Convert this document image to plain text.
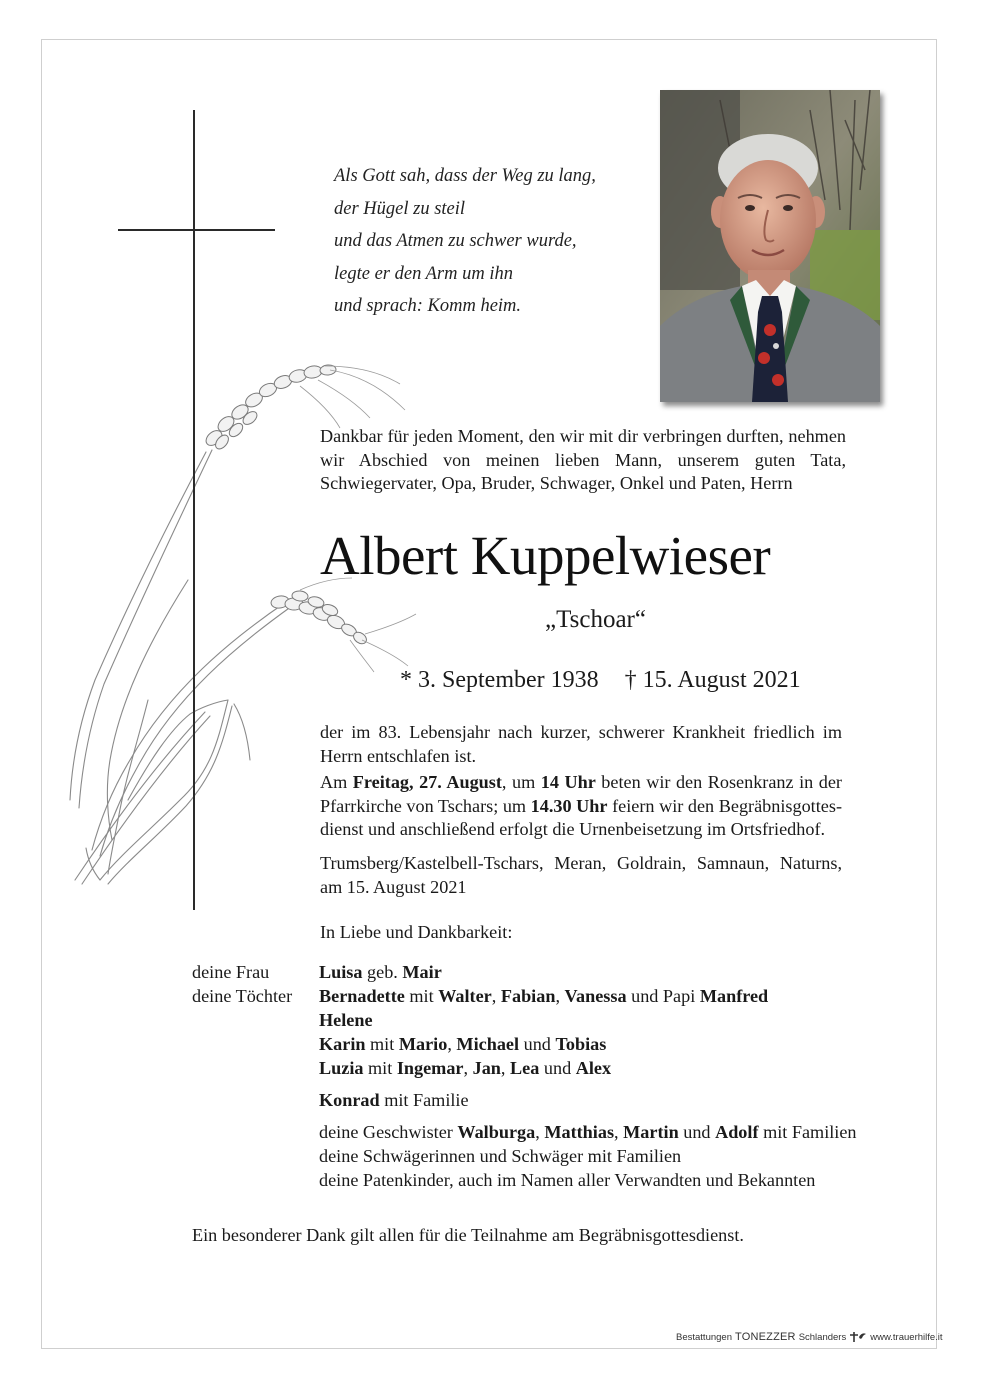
Als Gott sah, dass der Weg zu lang,
der Hügel zu steil
und das Atmen zu schwer wurde,
legte er den Arm um ihn
und sprach: Komm heim.
Dankbar für jeden Moment, den wir mit dir verbringen durften, nehmen wir Abschied von meinen lieben Mann, unserem guten Tata, Schwiegervater, Opa, Bruder, Schwager, Onkel und Paten, Herrn
Albert Kuppelwieser
„Tschoar“
* 3. September 1938 † 15. August 2021
der im 83. Lebensjahr nach kurzer, schwerer Krankheit friedlich im Herrn entschlafen ist.
Am Freitag, 27. August, um 14 Uhr beten wir den Rosenkranz in der Pfarrkirche von Tschars; um 14.30 Uhr feiern wir den Begräbnisgottesdienst und anschließend erfolgt die Urnenbeisetzung im Ortsfriedhof.
Trumsberg/Kastelbell-Tschars, Meran, Goldrain, Samnaun, Naturns, am 15. August 2021
In Liebe und Dankbarkeit:
deine Frau	Luisa geb. Mair
deine Töchter	Bernadette mit Walter, Fabian, Vanessa und Papi Manfred
Helene
Karin mit Mario, Michael und Tobias
Luzia mit Ingemar, Jan, Lea und Alex
Konrad mit Familie
deine Geschwister Walburga, Matthias, Martin und Adolf mit Familien
deine Schwägerinnen und Schwäger mit Familien
deine Patenkinder, auch im Namen aller Verwandten und Bekannten
Ein besonderer Dank gilt allen für die Teilnahme am Begräbnisgottesdienst.
Bestattungen TONEZZER Schlanders	www.trauerhilfe.it
